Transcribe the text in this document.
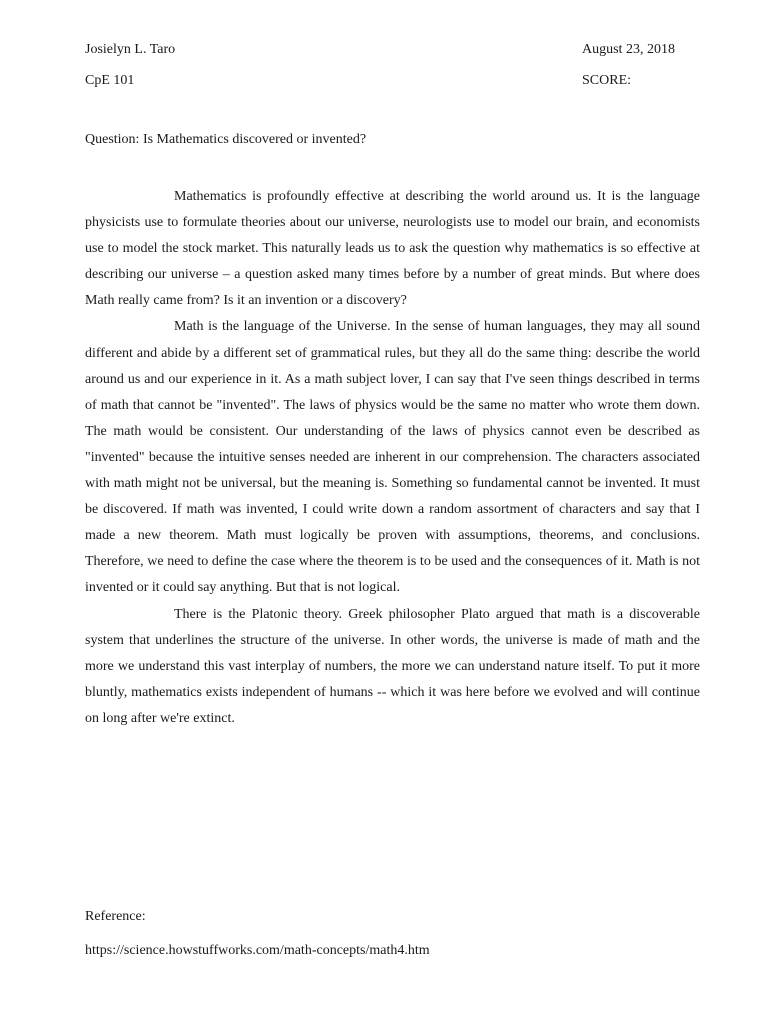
Josielyn L. Taro	August 23, 2018
CpE 101	SCORE:
Question: Is Mathematics discovered or invented?

Mathematics is profoundly effective at describing the world around us. It is the language physicists use to formulate theories about our universe, neurologists use to model our brain, and economists use to model the stock market. This naturally leads us to ask the question why mathematics is so effective at describing our universe – a question asked many times before by a number of great minds. But where does Math really came from? Is it an invention or a discovery?

Math is the language of the Universe. In the sense of human languages, they may all sound different and abide by a different set of grammatical rules, but they all do the same thing: describe the world around us and our experience in it. As a math subject lover, I can say that I've seen things described in terms of math that cannot be "invented". The laws of physics would be the same no matter who wrote them down. The math would be consistent. Our understanding of the laws of physics cannot even be described as "invented" because the intuitive senses needed are inherent in our comprehension. The characters associated with math might not be universal, but the meaning is. Something so fundamental cannot be invented. It must be discovered. If math was invented, I could write down a random assortment of characters and say that I made a new theorem. Math must logically be proven with assumptions, theorems, and conclusions. Therefore, we need to define the case where the theorem is to be used and the consequences of it. Math is not invented or it could say anything. But that is not logical.

There is the Platonic theory. Greek philosopher Plato argued that math is a discoverable system that underlines the structure of the universe. In other words, the universe is made of math and the more we understand this vast interplay of numbers, the more we can understand nature itself. To put it more bluntly, mathematics exists independent of humans -- which it was here before we evolved and will continue on long after we're extinct.

Reference:
https://science.howstuffworks.com/math-concepts/math4.htm
